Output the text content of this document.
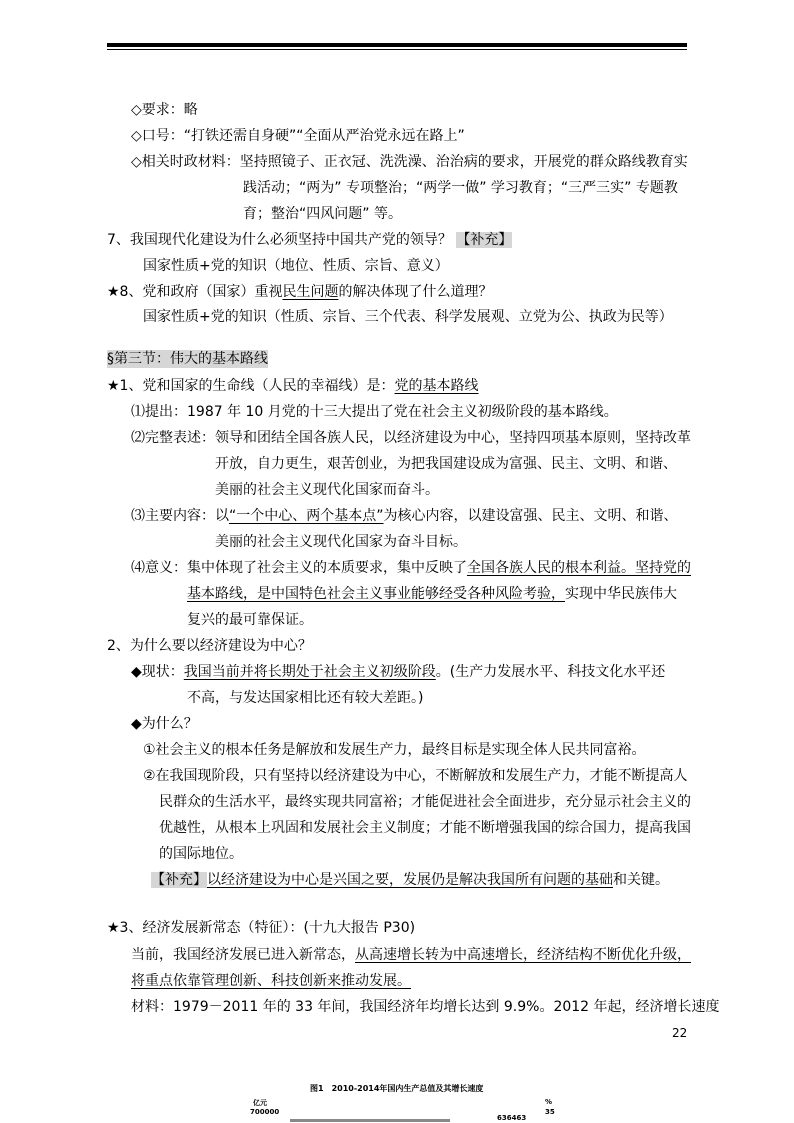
◇要求：略
◇口号：“打铁还需自身硬”“全面从严治党永远在路上”
◇相关时政材料：坚持照镜子、正衣冠、洗洗澡、治治病的要求，开展党的群众路线教育实
践活动；“两为” 专项整治；“两学一做” 学习教育；“三严三实” 专题教
育；整治“四风问题” 等。
7、我国现代化建设为什么必须坚持中国共产党的领导？ 【补充】
国家性质+党的知识（地位、性质、宗旨、意义）
★8、党和政府（国家）重视民生问题的解决体现了什么道理？
国家性质+党的知识（性质、宗旨、三个代表、科学发展观、立党为公、执政为民等）
§第三节：伟大的基本路线
★1、党和国家的生命线（人民的幸福线）是：党的基本路线
⑴提出：1987 年 10 月党的十三大提出了党在社会主义初级阶段的基本路线。
⑵完整表述：领导和团结全国各族人民，以经济建设为中心，坚持四项基本原则，坚持改革
开放，自力更生，艰苦创业，为把我国建设成为富强、民主、文明、和谐、
美丽的社会主义现代化国家而奋斗。
⑶主要内容：以“一个中心、两个基本点”为核心内容，以建设富强、民主、文明、和谐、
美丽的社会主义现代化国家为奋斗目标。
⑷意义：集中体现了社会主义的本质要求，集中反映了全国各族人民的根本利益。坚持党的
基本路线，是中国特色社会主义事业能够经受各种风险考验，实现中华民族伟大
复兴的最可靠保证。
2、为什么要以经济建设为中心？
◆现状：我国当前并将长期处于社会主义初级阶段。(生产力发展水平、科技文化水平还
不高，与发达国家相比还有较大差距。)
◆为什么？
①社会主义的根本任务是解放和发展生产力，最终目标是实现全体人民共同富裕。
②在我国现阶段，只有坚持以经济建设为中心，不断解放和发展生产力，才能不断提高人
民群众的生活水平，最终实现共同富裕；才能促进社会全面进步，充分显示社会主义的
优越性，从根本上巩固和发展社会主义制度；才能不断增强我国的综合国力，提高我国
的国际地位。
【补充】以经济建设为中心是兴国之要，发展仍是解决我国所有问题的基础和关键。
★3、经济发展新常态（特征）：(十九大报告 P30)
当前，我国经济发展已进入新常态，从高速增长转为中高速增长，经济结构不断优化升级，
将重点依靠管理创新、科技创新来推动发展。
材料：1979－2011 年的 33 年间，我国经济年均增长达到 9.9%。2012 年起，经济增长速度
22
图1　2010-2014年国内生产总值及其增长速度
亿元
700000
%
35
636463
